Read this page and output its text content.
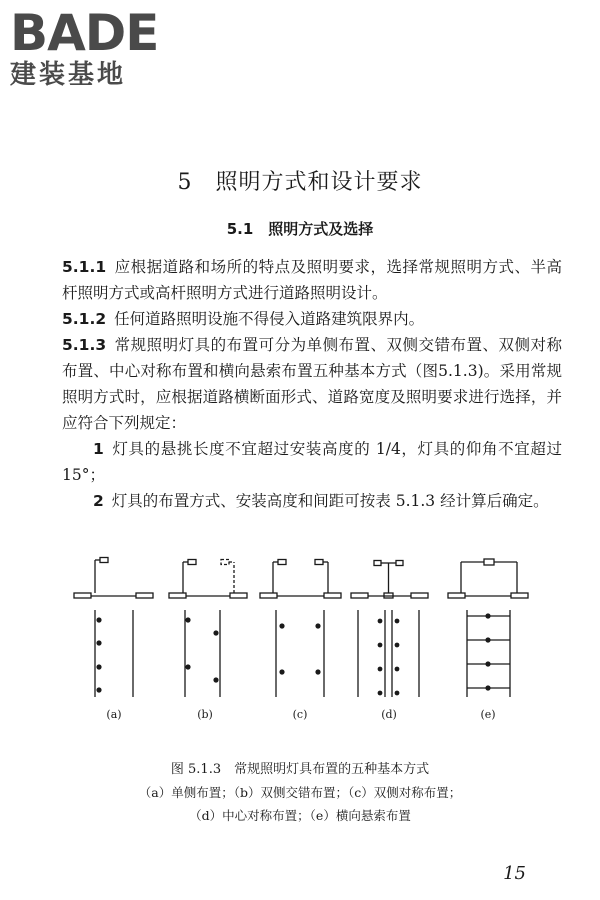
BADE
建装基地
5　照明方式和设计要求
5.1　照明方式及选择

5.1.1 应根据道路和场所的特点及照明要求，选择常规照明方式、半高杆照明方式或高杆照明方式进行道路照明设计。

5.1.2 任何道路照明设施不得侵入道路建筑限界内。

5.1.3 常规照明灯具的布置可分为单侧布置、双侧交错布置、双侧对称布置、中心对称布置和横向悬索布置五种基本方式（图5.1.3)。采用常规照明方式时，应根据道路横断面形式、道路宽度及照明要求进行选择，并应符合下列规定：

1 灯具的悬挑长度不宜超过安装高度的 1/4，灯具的仰角不宜超过 15°；

2 灯具的布置方式、安装高度和间距可按表 5.1.3 经计算后确定。

(a)	(b)	(c)	(d)	(e)
图 5.1.3　常规照明灯具布置的五种基本方式
（a）单侧布置；（b）双侧交错布置；（c）双侧对称布置；
（d）中心对称布置；（e）横向悬索布置
15
